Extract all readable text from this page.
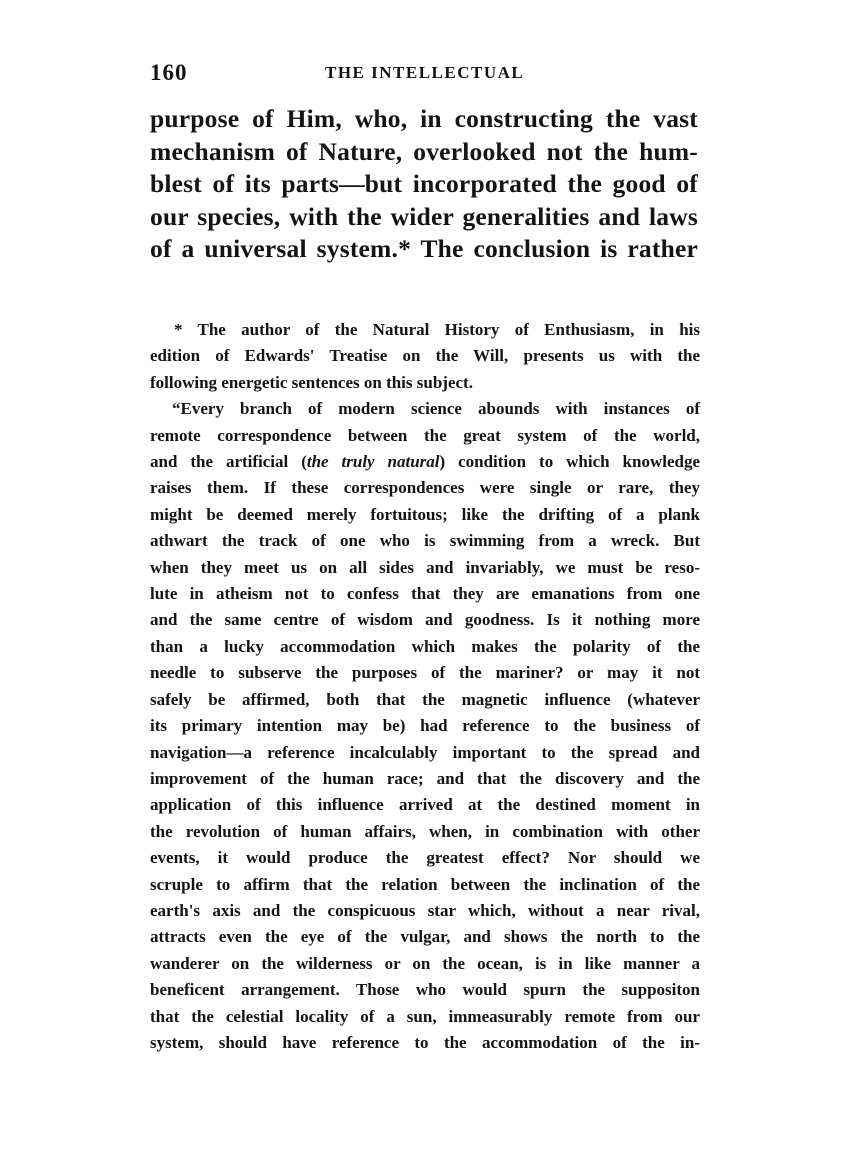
160	THE INTELLECTUAL
purpose of Him, who, in constructing the vast
mechanism of Nature, overlooked not the hum-
blest of its parts—but incorporated the good of
our species, with the wider generalities and laws
of a universal system.* The conclusion is rather
* The author of the Natural History of Enthusiasm, in his
edition of Edwards' Treatise on the Will, presents us with the
following energetic sentences on this subject.
“Every branch of modern science abounds with instances of
remote correspondence between the great system of the world,
and the artificial (the truly natural) condition to which knowledge
raises them. If these correspondences were single or rare, they
might be deemed merely fortuitous; like the drifting of a plank
athwart the track of one who is swimming from a wreck. But
when they meet us on all sides and invariably, we must be reso-
lute in atheism not to confess that they are emanations from one
and the same centre of wisdom and goodness. Is it nothing more
than a lucky accommodation which makes the polarity of the
needle to subserve the purposes of the mariner? or may it not
safely be affirmed, both that the magnetic influence (whatever
its primary intention may be) had reference to the business of
navigation—a reference incalculably important to the spread and
improvement of the human race; and that the discovery and the
application of this influence arrived at the destined moment in
the revolution of human affairs, when, in combination with other
events, it would produce the greatest effect? Nor should we
scruple to affirm that the relation between the inclination of the
earth's axis and the conspicuous star which, without a near rival,
attracts even the eye of the vulgar, and shows the north to the
wanderer on the wilderness or on the ocean, is in like manner a
beneficent arrangement. Those who would spurn the suppositon
that the celestial locality of a sun, immeasurably remote from our
system, should have reference to the accommodation of the in-
